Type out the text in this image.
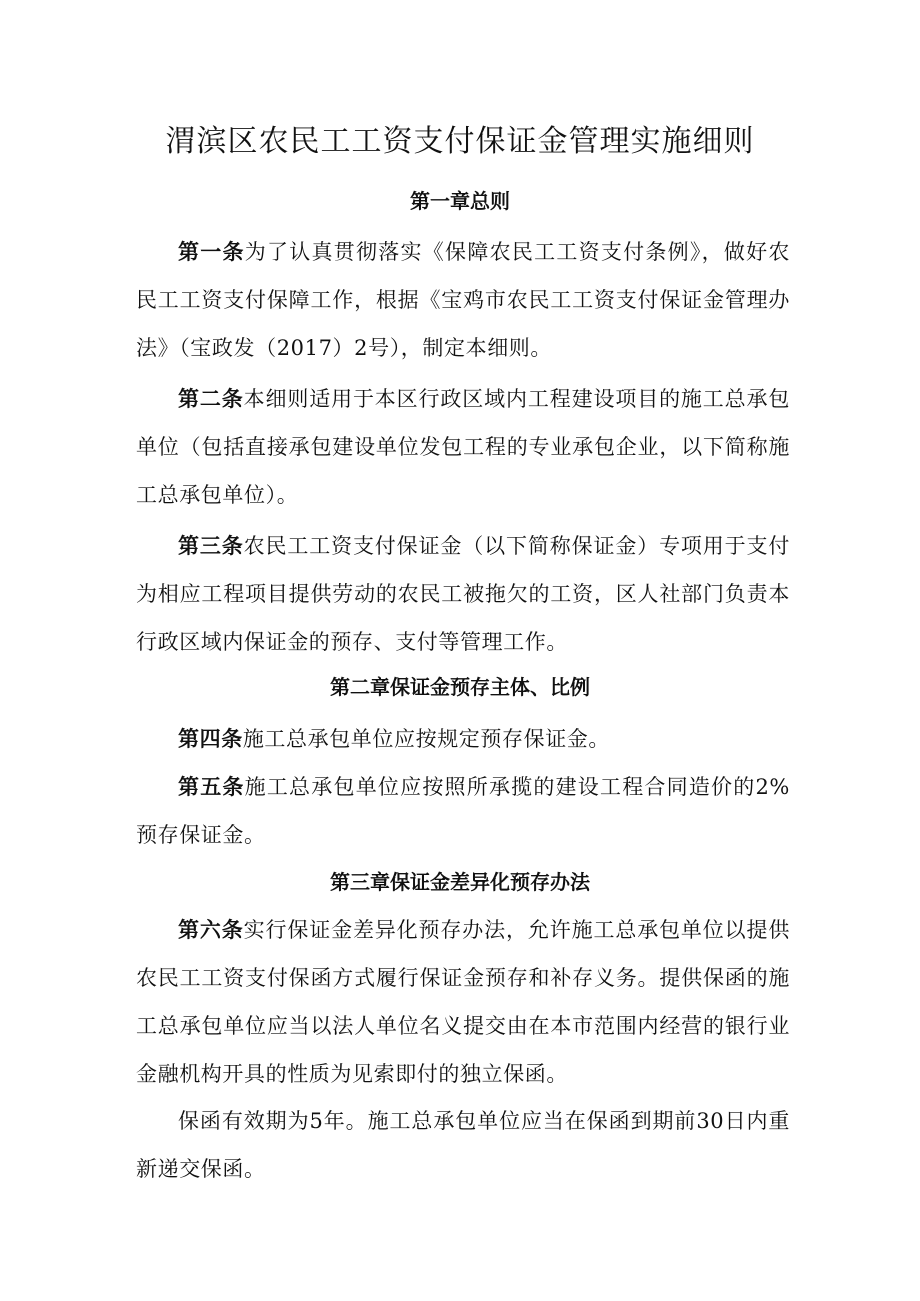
渭滨区农民工工资支付保证金管理实施细则
第一章总则

第一条为了认真贯彻落实《保障农民工工资支付条例》，做好农民工工资支付保障工作，根据《宝鸡市农民工工资支付保证金管理办法》（宝政发（2017）2号），制定本细则。

第二条本细则适用于本区行政区域内工程建设项目的施工总承包单位（包括直接承包建设单位发包工程的专业承包企业，以下简称施工总承包单位）。

第三条农民工工资支付保证金（以下简称保证金）专项用于支付为相应工程项目提供劳动的农民工被拖欠的工资，区人社部门负责本行政区域内保证金的预存、支付等管理工作。

第二章保证金预存主体、比例

第四条施工总承包单位应按规定预存保证金。

第五条施工总承包单位应按照所承揽的建设工程合同造价的2%预存保证金。

第三章保证金差异化预存办法

第六条实行保证金差异化预存办法，允许施工总承包单位以提供农民工工资支付保函方式履行保证金预存和补存义务。提供保函的施工总承包单位应当以法人单位名义提交由在本市范围内经营的银行业金融机构开具的性质为见索即付的独立保函。

保函有效期为5年。施工总承包单位应当在保函到期前30日内重新递交保函。
